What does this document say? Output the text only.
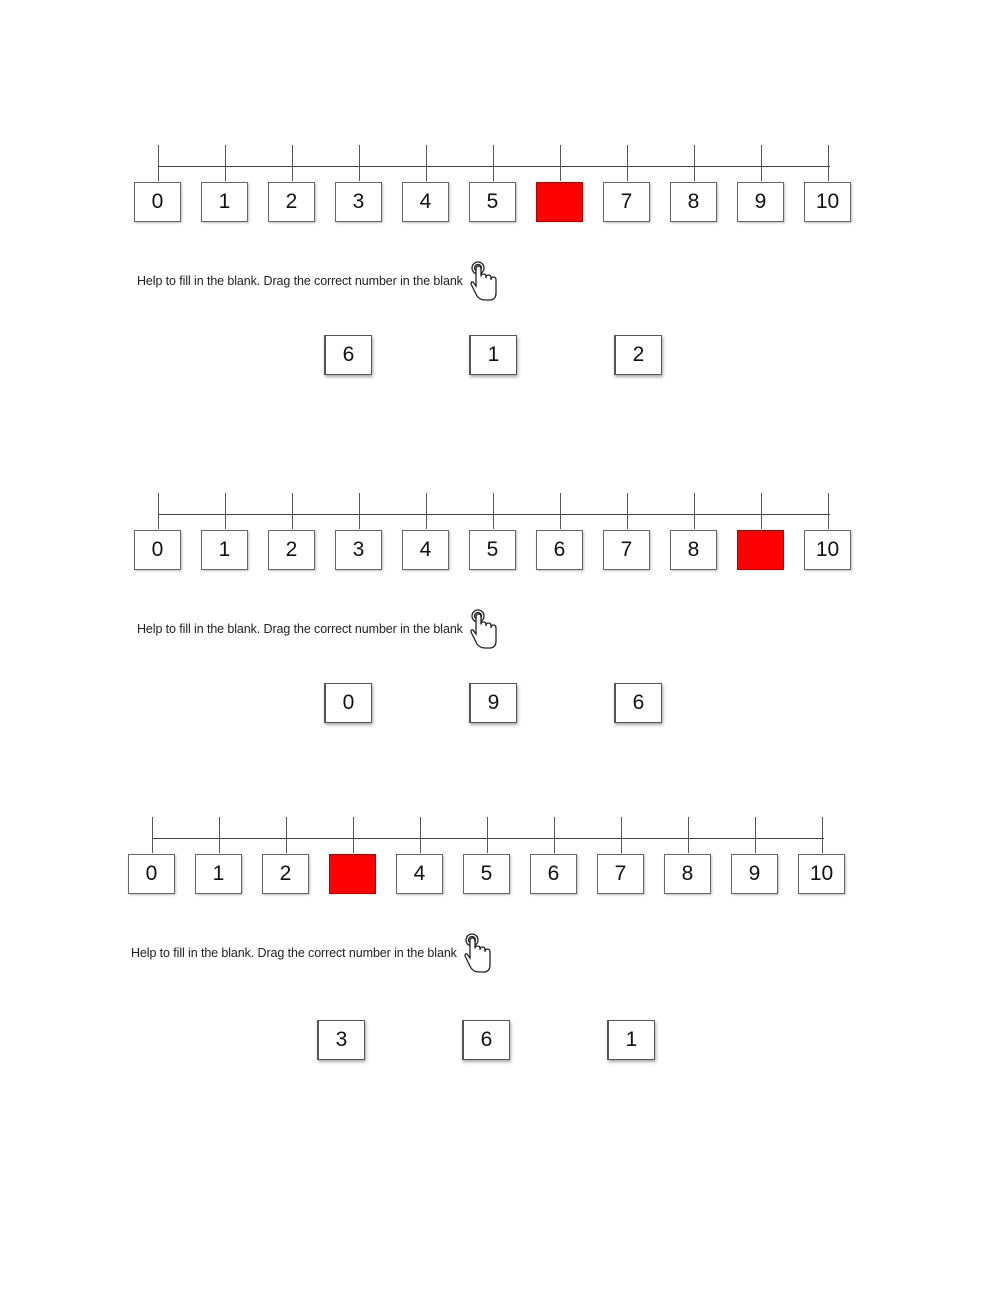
0	1	2	3	4	5	7	8	9	10
Help to fill in the blank. Drag the correct number in the blank
6	1	2
0	1	2	3	4	5	6	7	8	10
Help to fill in the blank. Drag the correct number in the blank
0	9	6
0	1	2	4	5	6	7	8	9	10
Help to fill in the blank. Drag the correct number in the blank
3	6	1
